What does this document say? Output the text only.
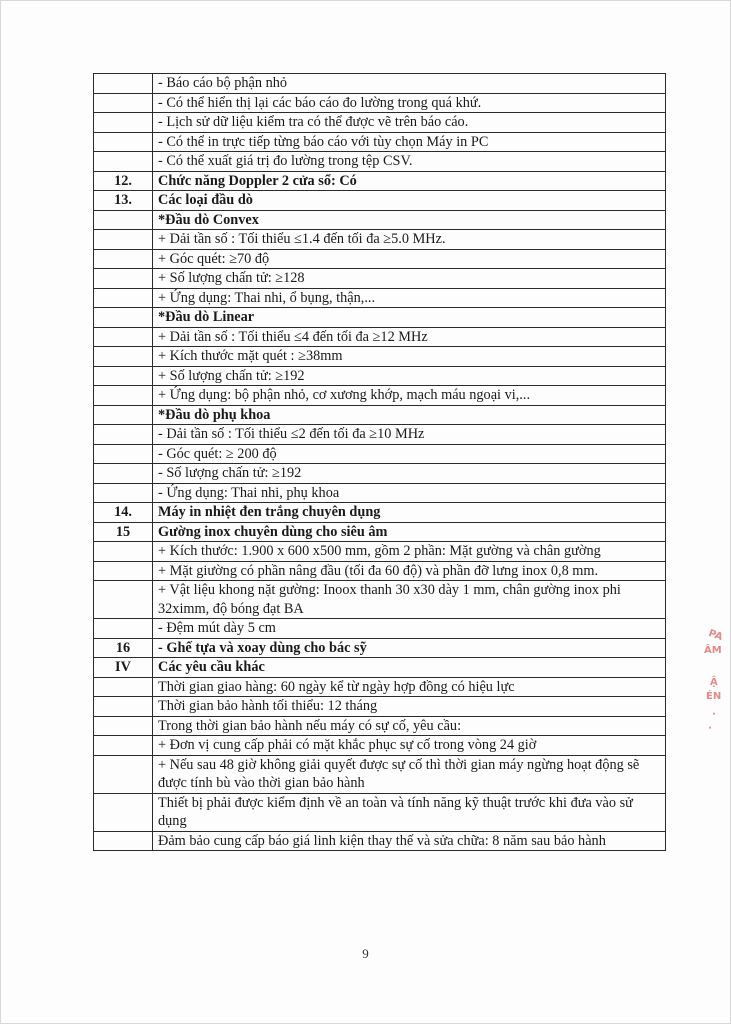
	- Báo cáo bộ phận nhỏ
	- Có thể hiển thị lại các báo cáo đo lường trong quá khứ.
	- Lịch sử dữ liệu kiểm tra có thể được vẽ trên báo cáo.
	- Có thể in trực tiếp từng báo cáo với tùy chọn Máy in PC
	- Có thể xuất giá trị đo lường trong tệp CSV.
12.	Chức năng Doppler 2 cửa sổ: Có
13.	Các loại đầu dò
	*Đầu dò Convex
	+ Dải tần số : Tối thiểu ≤1.4 đến tối đa ≥5.0 MHz.
	+ Góc quét: ≥70 độ
	+ Số lượng chấn tử: ≥128
	+ Ứng dụng: Thai nhi, ổ bụng, thận,...
	*Đầu dò Linear
	+ Dải tần số : Tối thiểu ≤4 đến tối đa ≥12 MHz
	+ Kích thước mặt quét : ≥38mm
	+ Số lượng chấn tử: ≥192
	+ Ứng dụng: bộ phận nhỏ, cơ xương khớp, mạch máu ngoại vi,...
	*Đầu dò phụ khoa
	- Dải tần số : Tối thiểu ≤2 đến tối đa ≥10 MHz
	- Góc quét: ≥ 200 độ
	- Số lượng chấn tử: ≥192
	- Ứng dụng: Thai nhi, phụ khoa
14.	Máy in nhiệt đen trắng chuyên dụng
15	Gường inox chuyên dùng cho siêu âm
	+ Kích thước: 1.900 x 600 x500 mm, gồm 2 phần: Mặt gường và chân gường
	+ Mặt giường có phần nâng đầu (tối đa 60 độ) và phần đỡ lưng inox 0,8 mm.
	+ Vật liệu khong nặt gường: Inoox thanh 30 x30 dày 1 mm, chân gường inox phi 32ximm, độ bóng đạt BA
	- Đệm mút dày 5 cm
16	- Ghế tựa và xoay dùng cho bác sỹ
IV	Các yêu cầu khác
	Thời gian giao hàng: 60 ngày kể từ ngày hợp đồng có hiệu lực
	Thời gian bảo hành tối thiểu: 12 tháng
	Trong thời gian bảo hành nếu máy có sự cố, yêu cầu:
	+ Đơn vị cung cấp phải có mặt khắc phục sự cố trong vòng 24 giờ
	+ Nếu sau 48 giờ không giải quyết được sự cố thì thời gian máy ngừng hoạt động sẽ được tính bù vào thời gian bảo hành
	Thiết bị phải được kiểm định về an toàn và tính năng kỹ thuật trước khi đưa vào sử dụng
	Đảm bảo cung cấp báo giá linh kiện thay thế và sửa chữa: 8 năm sau bảo hành
9
PA
ÂM
Ậ
ÉN
·
·
